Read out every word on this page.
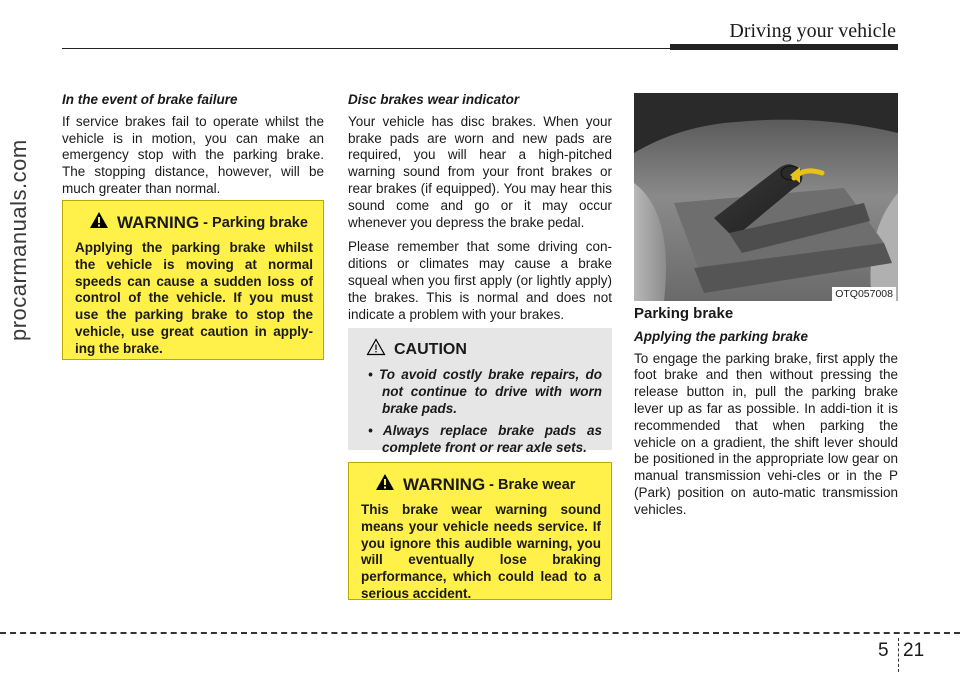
Driving your vehicle
procarmanuals.com
In the event of brake failure

If service brakes fail to operate whilst the vehicle is in motion, you can make an emergency stop with the parking brake. The stopping distance, however, will be much greater than normal.

WARNING - Parking brake
Applying the parking brake whilst the vehicle is moving at normal speeds can cause a sudden loss of control of the vehicle. If you must use the parking brake to stop the vehicle, use great caution in apply-ing the brake.
Disc brakes wear indicator

Your vehicle has disc brakes. When your brake pads are worn and new pads are required, you will hear a high-pitched warning sound from your front brakes or rear brakes (if equipped). You may hear this sound come and go or it may occur whenever you depress the brake pedal.

Please remember that some driving con-ditions or climates may cause a brake squeal when you first apply (or lightly apply) the brakes. This is normal and does not indicate a problem with your brakes.

CAUTION
• To avoid costly brake repairs, do not continue to drive with worn brake pads.
• Always replace brake pads as complete front or rear axle sets.
WARNING - Brake wear
This brake wear warning sound means your vehicle needs service. If you ignore this audible warning, you will eventually lose braking performance, which could lead to a serious accident.
OTQ057008
Parking brake
Applying the parking brake

To engage the parking brake, first apply the foot brake and then without pressing the release button in, pull the parking brake lever up as far as possible. In addi-tion it is recommended that when parking the vehicle on a gradient, the shift lever should be positioned in the appropriate low gear on manual transmission vehi-cles or in the P (Park) position on auto-matic transmission vehicles.

5 21
